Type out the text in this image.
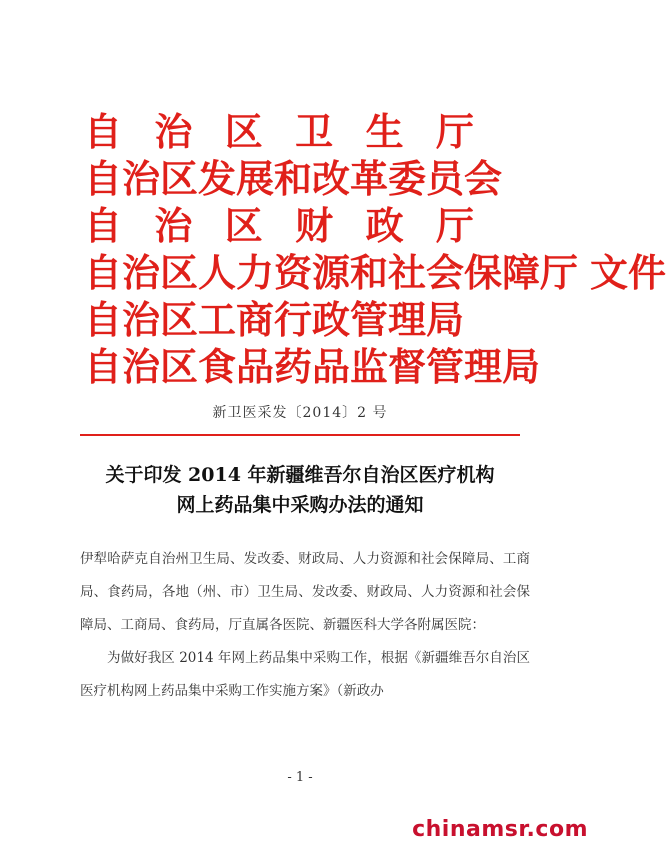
自 治 区 卫 生 厅
自治区发展和改革委员会
自 治 区 财 政 厅
自治区人力资源和社会保障厅 文件
自治区工商行政管理局
自治区食品药品监督管理局
新卫医采发〔2014〕2 号
关于印发 2014 年新疆维吾尔自治区医疗机构
网上药品集中采购办法的通知

伊犁哈萨克自治州卫生局、发改委、财政局、人力资源和社会保障局、工商局、食药局，各地（州、市）卫生局、发改委、财政局、人力资源和社会保障局、工商局、食药局，厅直属各医院、新疆医科大学各附属医院：

为做好我区 2014 年网上药品集中采购工作，根据《新疆维吾尔自治区医疗机构网上药品集中采购工作实施方案》（新政办

- 1 -
chinamsr.com
